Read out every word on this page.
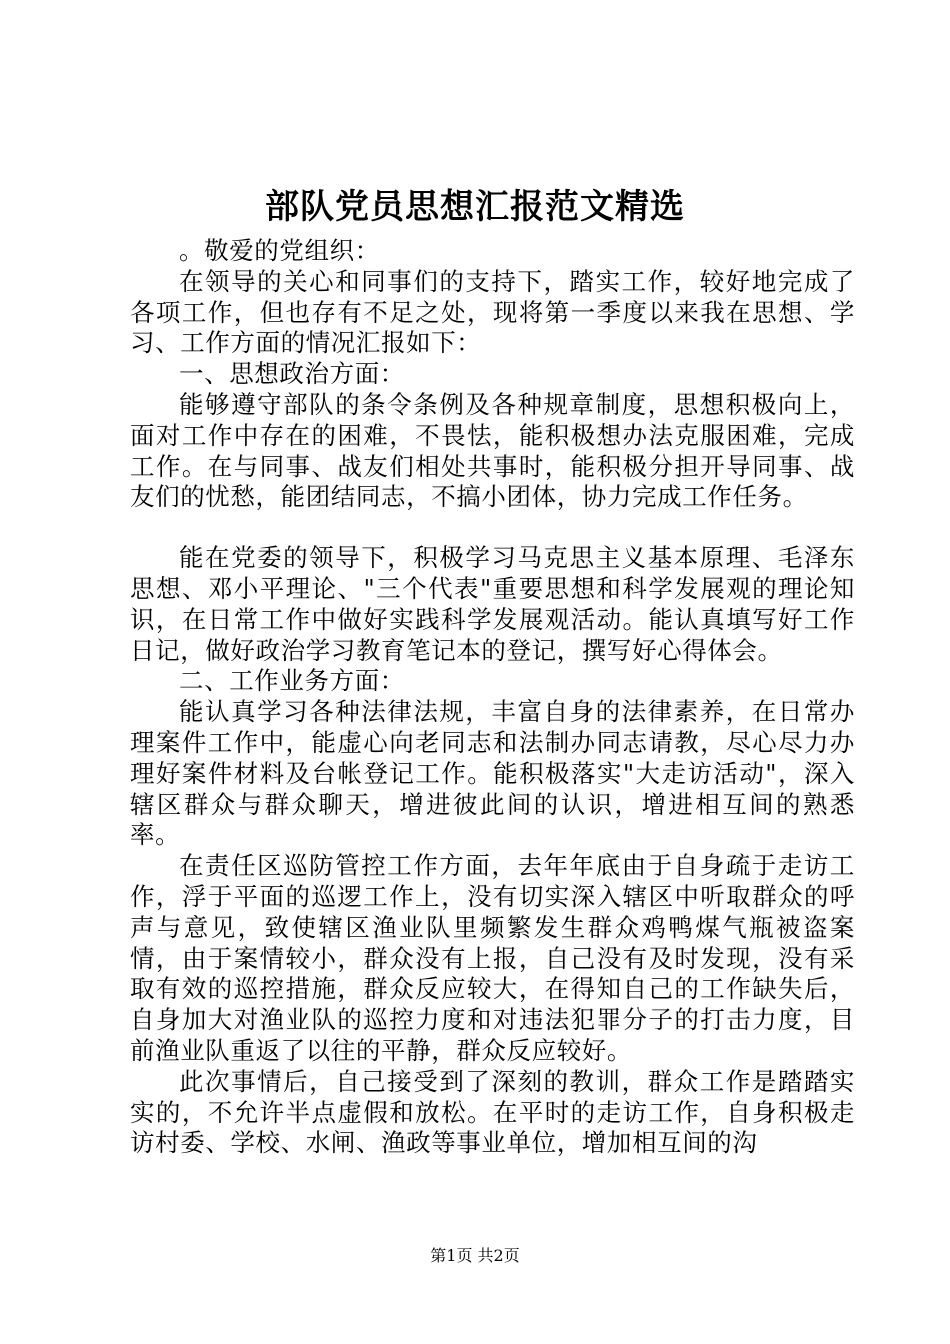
部队党员思想汇报范文精选

。敬爱的党组织：

在领导的关心和同事们的支持下，踏实工作，较好地完成了各项工作，但也存有不足之处，现将第一季度以来我在思想、学习、工作方面的情况汇报如下：

一、思想政治方面：

能够遵守部队的条令条例及各种规章制度，思想积极向上，面对工作中存在的困难，不畏怯，能积极想办法克服困难，完成工作。在与同事、战友们相处共事时，能积极分担开导同事、战友们的忧愁，能团结同志，不搞小团体，协力完成工作任务。

能在党委的领导下，积极学习马克思主义基本原理、毛泽东思想、邓小平理论、"三个代表"重要思想和科学发展观的理论知识，在日常工作中做好实践科学发展观活动。能认真填写好工作日记，做好政治学习教育笔记本的登记，撰写好心得体会。

二、工作业务方面：

能认真学习各种法律法规，丰富自身的法律素养，在日常办理案件工作中，能虚心向老同志和法制办同志请教，尽心尽力办理好案件材料及台帐登记工作。能积极落实"大走访活动"，深入辖区群众与群众聊天，增进彼此间的认识，增进相互间的熟悉率。

在责任区巡防管控工作方面，去年年底由于自身疏于走访工作，浮于平面的巡逻工作上，没有切实深入辖区中听取群众的呼声与意见，致使辖区渔业队里频繁发生群众鸡鸭煤气瓶被盗案情，由于案情较小，群众没有上报，自己没有及时发现，没有采取有效的巡控措施，群众反应较大，在得知自己的工作缺失后，自身加大对渔业队的巡控力度和对违法犯罪分子的打击力度，目前渔业队重返了以往的平静，群众反应较好。

此次事情后，自己接受到了深刻的教训，群众工作是踏踏实实的，不允许半点虚假和放松。在平时的走访工作，自身积极走访村委、学校、水闸、渔政等事业单位，增加相互间的沟

第1页 共2页
